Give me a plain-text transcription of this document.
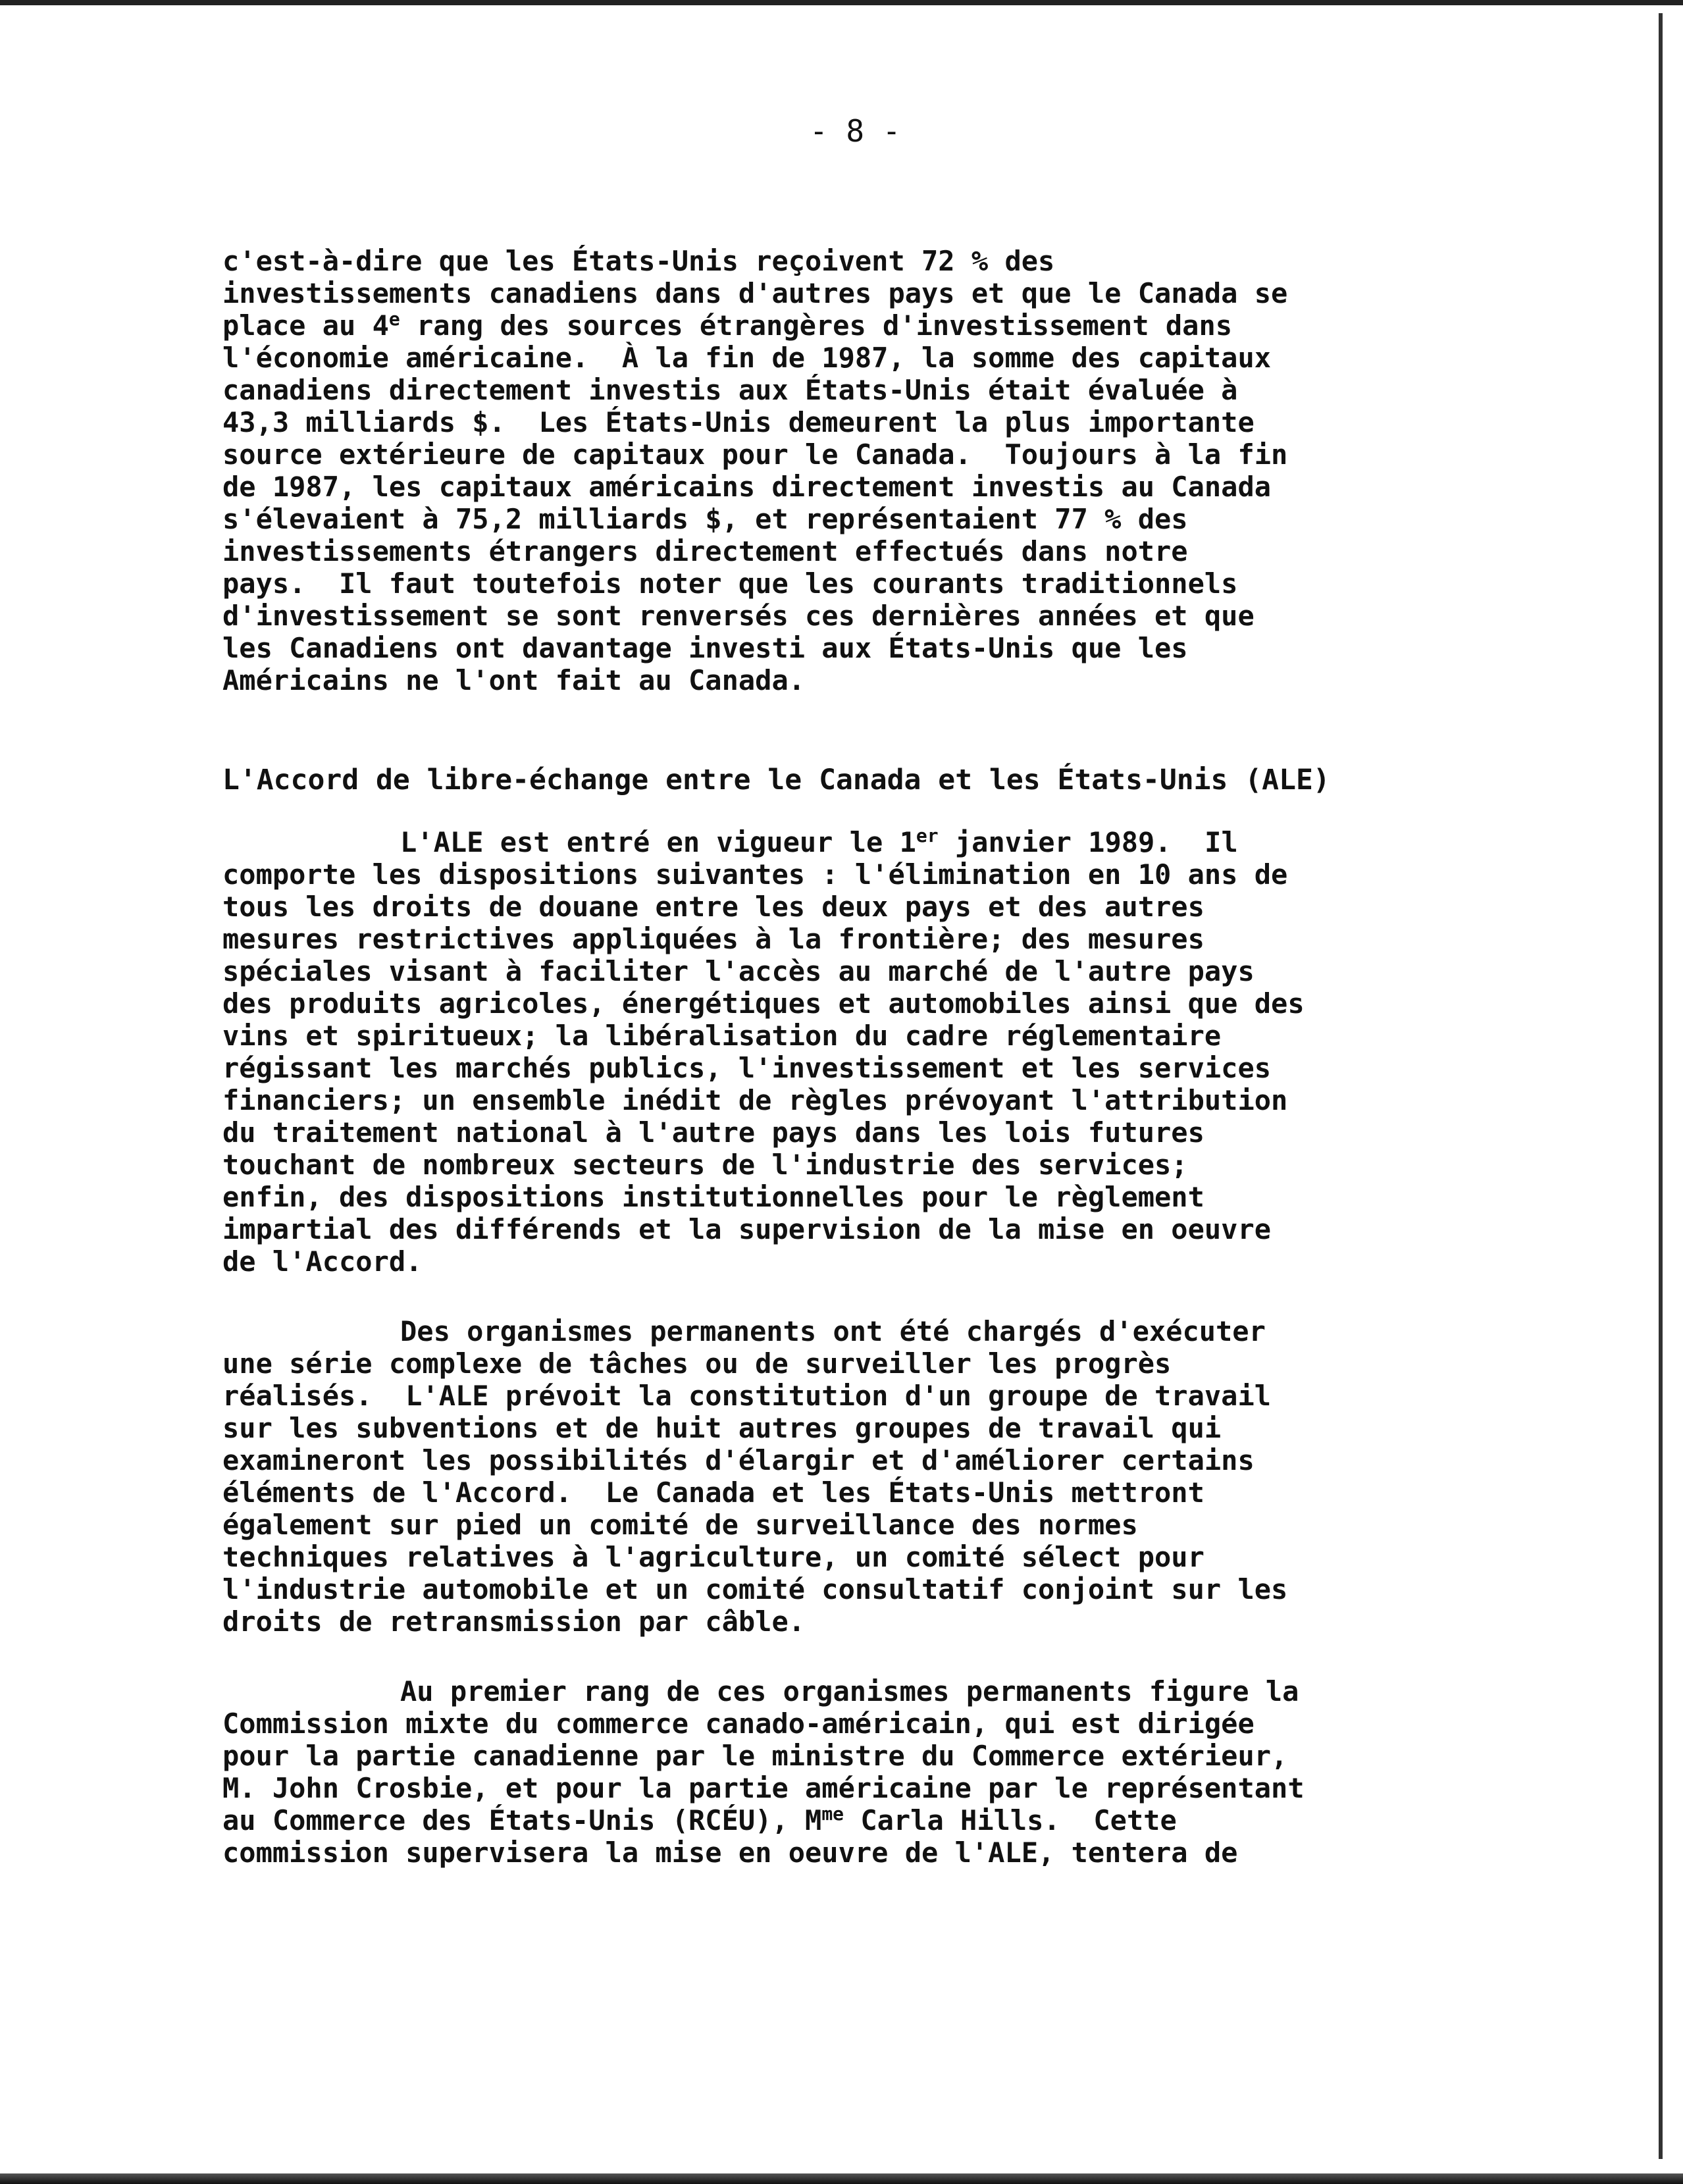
- 8 -
c'est-à-dire que les États-Unis reçoivent 72 % des
investissements canadiens dans d'autres pays et que le Canada se
place au 4e rang des sources étrangères d'investissement dans
l'économie américaine.  À la fin de 1987, la somme des capitaux
canadiens directement investis aux États-Unis était évaluée à
43,3 milliards $.  Les États-Unis demeurent la plus importante
source extérieure de capitaux pour le Canada.  Toujours à la fin
de 1987, les capitaux américains directement investis au Canada
s'élevaient à 75,2 milliards $, et représentaient 77 % des
investissements étrangers directement effectués dans notre
pays.  Il faut toutefois noter que les courants traditionnels
d'investissement se sont renversés ces dernières années et que
les Canadiens ont davantage investi aux États-Unis que les
Américains ne l'ont fait au Canada.
L'Accord de libre-échange entre le Canada et les États-Unis (ALE)
L'ALE est entré en vigueur le 1er janvier 1989.  Il
comporte les dispositions suivantes : l'élimination en 10 ans de
tous les droits de douane entre les deux pays et des autres
mesures restrictives appliquées à la frontière; des mesures
spéciales visant à faciliter l'accès au marché de l'autre pays
des produits agricoles, énergétiques et automobiles ainsi que des
vins et spiritueux; la libéralisation du cadre réglementaire
régissant les marchés publics, l'investissement et les services
financiers; un ensemble inédit de règles prévoyant l'attribution
du traitement national à l'autre pays dans les lois futures
touchant de nombreux secteurs de l'industrie des services;
enfin, des dispositions institutionnelles pour le règlement
impartial des différends et la supervision de la mise en oeuvre
de l'Accord.
Des organismes permanents ont été chargés d'exécuter
une série complexe de tâches ou de surveiller les progrès
réalisés.  L'ALE prévoit la constitution d'un groupe de travail
sur les subventions et de huit autres groupes de travail qui
examineront les possibilités d'élargir et d'améliorer certains
éléments de l'Accord.  Le Canada et les États-Unis mettront
également sur pied un comité de surveillance des normes
techniques relatives à l'agriculture, un comité sélect pour
l'industrie automobile et un comité consultatif conjoint sur les
droits de retransmission par câble.
Au premier rang de ces organismes permanents figure la
Commission mixte du commerce canado-américain, qui est dirigée
pour la partie canadienne par le ministre du Commerce extérieur,
M. John Crosbie, et pour la partie américaine par le représentant
au Commerce des États-Unis (RCÉU), $M^{me}$ Carla Hills.  Cette
commission supervisera la mise en oeuvre de l'ALE, tentera de
